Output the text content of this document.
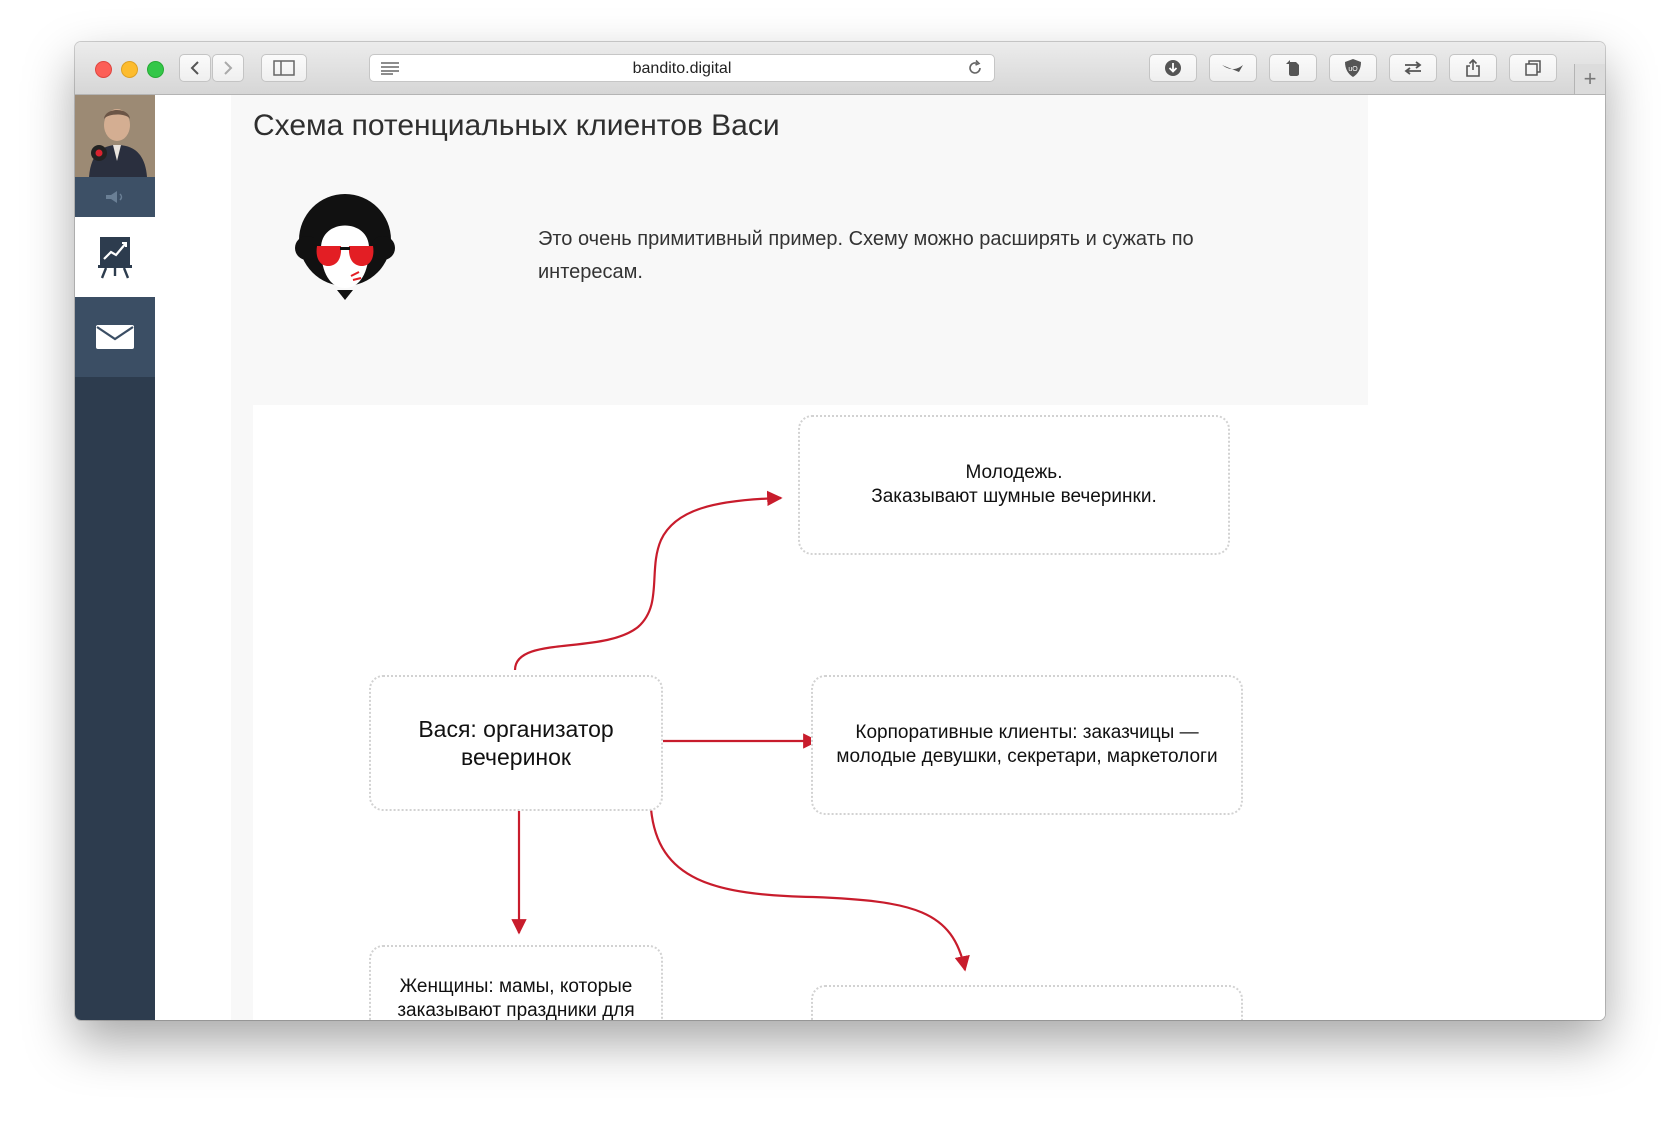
bandito.digital	uO	+
Схема потенциальных клиентов Васи
Это очень примитивный пример. Схему можно расширять и сужать по интересам.
Вася: организатор вечеринок
Молодежь.
Заказывают шумные вечеринки.
Корпоративные клиенты: заказчицы — молодые девушки, секретари, маркетологи
Женщины: мамы, которые заказывают праздники для
